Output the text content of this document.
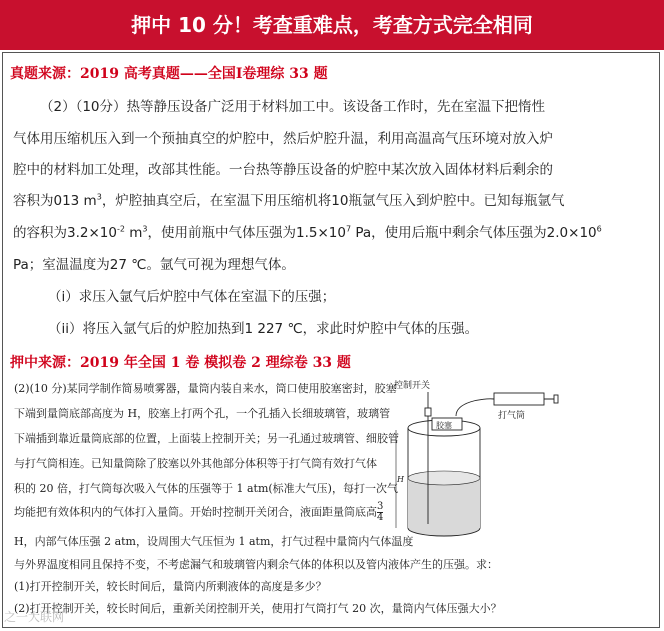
押中 10 分！考查重难点，考查方式完全相同
真题来源：2019 高考真题——全国Ⅰ卷理综 33 题
（2）（10分）热等静压设备广泛用于材料加工中。该设备工作时，先在室温下把惰性
气体用压缩机压入到一个预抽真空的炉腔中，然后炉腔升温，利用高温高气压环境对放入炉
腔中的材料加工处理，改部其性能。一台热等静压设备的炉腔中某次放入固体材料后剩余的
容积为013 $m^3$，炉腔抽真空后，在室温下用压缩机将10瓶氩气压入到炉腔中。已知每瓶氩气
的容积为$3.2\times 10^{-2}$ $m^3$，使用前瓶中气体压强为$1.5\times 10^7$ Pa，使用后瓶中剩余气体压强为$2.0\times 10^6$
Pa；室温温度为27 ℃。氩气可视为理想气体。
（i）求压入氩气后炉腔中气体在室温下的压强；
（ii）将压入氩气后的炉腔加热到1 227 ℃，求此时炉腔中气体的压强。
押中来源：2019 年全国 1 卷 模拟卷 2 理综卷 33 题
(2)(10 分)某同学制作简易喷雾器，量筒内装自来水，筒口使用胶塞密封，胶塞
下端到量筒底部高度为 H，胶塞上打两个孔，一个孔插入长细玻璃管，玻璃管
下端插到靠近量筒底部的位置，上面装上控制开关；另一孔通过玻璃管、细胶管
与打气筒相连。已知量筒除了胶塞以外其他部分体积等于打气筒有效打气体
积的 20 倍，打气筒每次吸入气体的压强等于 1 atm(标准大气压)，每打一次气
均能把有效体积内的气体打入量筒。开始时控制开关闭合，液面距量筒底高 $\frac{3}{4}$
H，内部气体压强 2 atm，设周围大气压恒为 1 atm，打气过程中量筒内气体温度
与外界温度相同且保持不变，不考虑漏气和玻璃管内剩余气体的体积以及管内液体产生的压强。求：
(1)打开控制开关，较长时间后，量筒内所剩液体的高度是多少？
(2)打开控制开关，较长时间后，重新关闭控制开关，使用打气筒打气 20 次，量筒内气体压强大小？
控制开关
打气筒
胶塞
H
之一大联网
